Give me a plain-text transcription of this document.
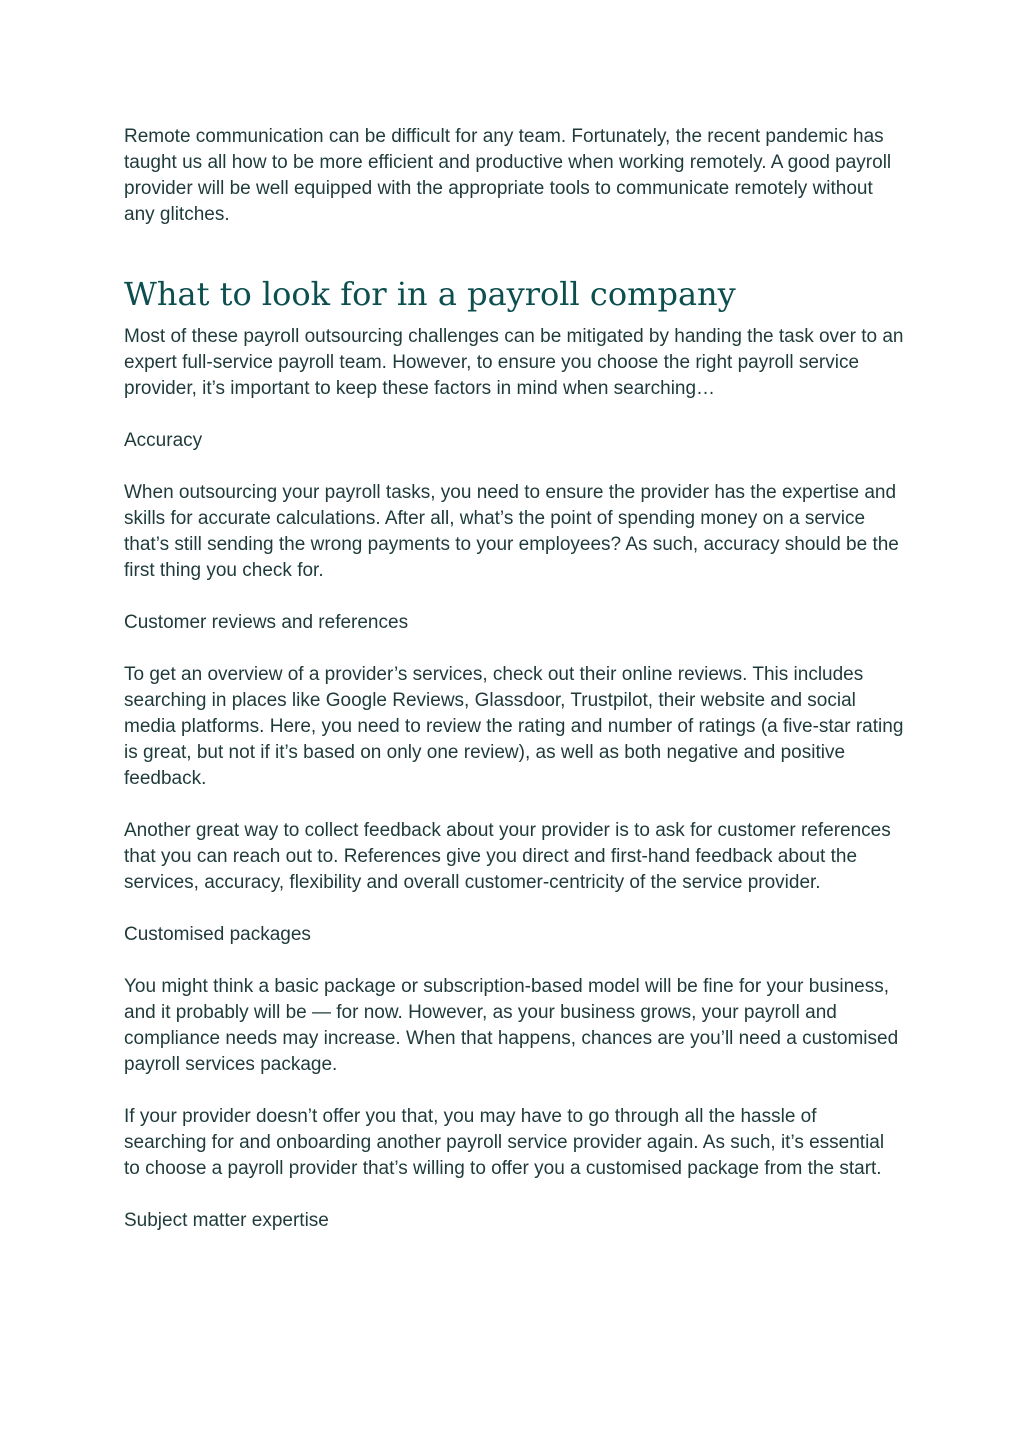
Remote communication can be difficult for any team. Fortunately, the recent pandemic has taught us all how to be more efficient and productive when working remotely. A good payroll provider will be well equipped with the appropriate tools to communicate remotely without any glitches.

What to look for in a payroll company

Most of these payroll outsourcing challenges can be mitigated by handing the task over to an expert full-service payroll team. However, to ensure you choose the right payroll service provider, it’s important to keep these factors in mind when searching…

Accuracy

When outsourcing your payroll tasks, you need to ensure the provider has the expertise and skills for accurate calculations. After all, what’s the point of spending money on a service that’s still sending the wrong payments to your employees? As such, accuracy should be the first thing you check for.

Customer reviews and references

To get an overview of a provider’s services, check out their online reviews. This includes searching in places like Google Reviews, Glassdoor, Trustpilot, their website and social media platforms. Here, you need to review the rating and number of ratings (a five-star rating is great, but not if it’s based on only one review), as well as both negative and positive feedback.

Another great way to collect feedback about your provider is to ask for customer references that you can reach out to. References give you direct and first-hand feedback about the services, accuracy, flexibility and overall customer-centricity of the service provider.

Customised packages

You might think a basic package or subscription-based model will be fine for your business, and it probably will be — for now. However, as your business grows, your payroll and compliance needs may increase. When that happens, chances are you’ll need a customised payroll services package.

If your provider doesn’t offer you that, you may have to go through all the hassle of searching for and onboarding another payroll service provider again. As such, it’s essential to choose a payroll provider that’s willing to offer you a customised package from the start.

Subject matter expertise
